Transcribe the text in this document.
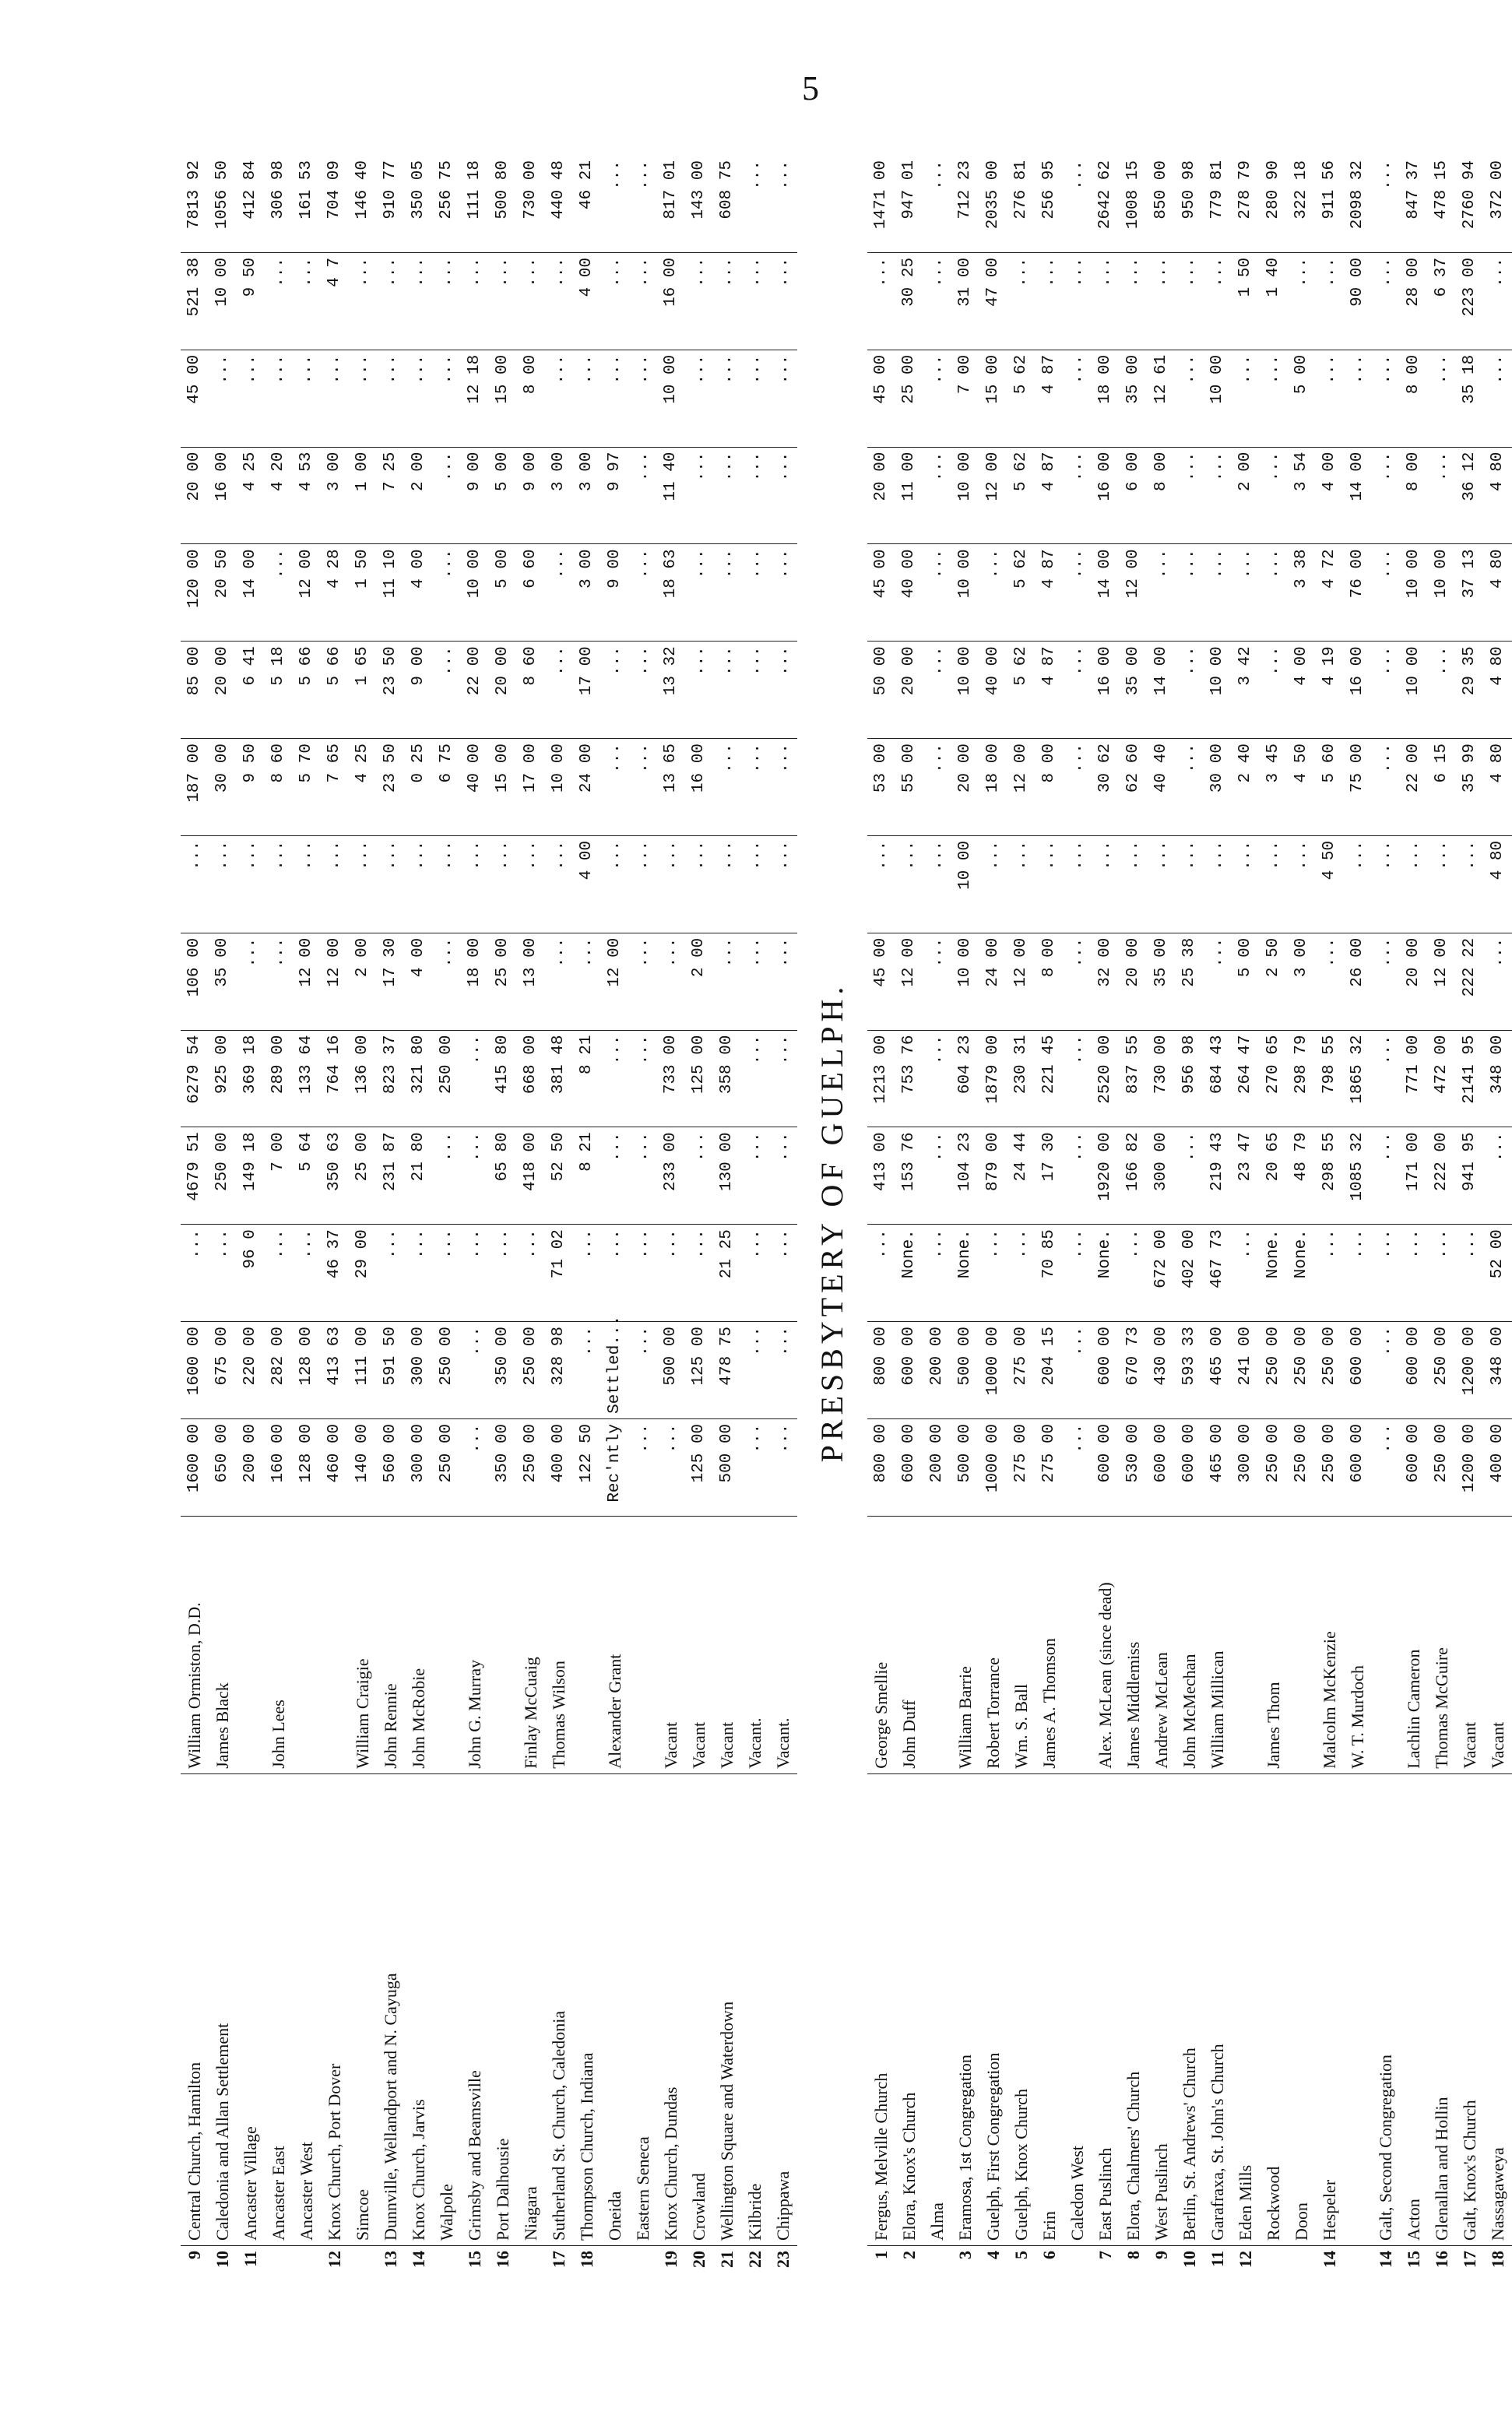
5
9	Central Church, Hamilton	William Ormiston, D.D.	1600 00	1600 00	...	4679 51	6279 54	106 00	...	187 00	85 00	120 00	20 00	45 00	521 38	7813 92
10	Caledonia and Allan Settlement	James Black	650 00	675 00	...	250 00	925 00	35 00	...	30 00	20 00	20 50	16 00	...	10 00	1056 50
11	Ancaster Village		200 00	220 00	96 0	149 18	369 18	...	...	9 50	6 41	14 00	4 25	...	9 50	412 84
	Ancaster East	John Lees	160 00	282 00	...	7 00	289 00	...	...	8 60	5 18	...	4 20	...	...	306 98
	Ancaster West		128 00	128 00	...	5 64	133 64	12 00	...	5 70	5 66	12 00	4 53	...	...	161 53
12	Knox Church, Port Dover		460 00	413 63	46 37	350 63	764 16	12 00	...	7 65	5 66	4 28	3 00	...	4 7	704 09
	Simcoe	William Craigie	140 00	111 00	29 00	25 00	136 00	2 00	...	4 25	1 65	1 50	1 00	...	...	146 40
13	Dunnville, Wellandport and N. Cayuga	John Rennie	560 00	591 50	...	231 87	823 37	17 30	...	23 50	23 50	11 10	7 25	...	...	910 77
14	Knox Church, Jarvis	John McRobie	300 00	300 00	...	21 80	321 80	4 00	...	0 25	9 00	4 00	2 00	...	...	350 05
	Walpole		250 00	250 00	...	...	250 00	...	...	6 75	...	...	...	...	...	256 75
15	Grimsby and Beamsville	John G. Murray	...	...	...	...	...	18 00	...	40 00	22 00	10 00	9 00	12 18	...	111 18
16	Port Dalhousie		350 00	350 00	...	65 80	415 80	25 00	...	15 00	20 00	5 00	5 00	15 00	...	500 80
	Niagara	Finlay McCuaig	250 00	250 00	...	418 00	668 00	13 00	...	17 00	8 60	6 60	9 00	8 00	...	730 00
17	Sutherland St. Church, Caledonia	Thomas Wilson	400 00	328 98	71 02	52 50	381 48	...	...	10 00	...	...	3 00	...	...	440 48
18	Thompson Church, Indiana		122 50	...	...	8 21	8 21	...	4 00	24 00	17 00	3 00	3 00	...	4 00	46 21
	Oneida	Alexander Grant	Rec'ntly	Settled...	...	...	...	12 00	...	...	...	9 00	9 97	...	...	...
	Eastern Seneca		...	...	...	...	...	...	...	...	...	...	...	...	...	...
19	Knox Church, Dundas	Vacant	...	500 00	...	233 00	733 00	...	...	13 65	13 32	18 63	11 40	10 00	16 00	817 01
20	Crowland	Vacant	125 00	125 00	...	...	125 00	2 00	...	16 00	...	...	...	...	...	143 00
21	Wellington Square and Waterdown	Vacant	500 00	478 75	21 25	130 00	358 00	...	...	...	...	...	...	...	...	608 75
22	Kilbride	Vacant.	...	...	...	...	...	...	...	...	...	...	...	...	...	...
23	Chippawa	Vacant.	...	...	...	...	...	...	...	...	...	...	...	...	...	...
PRESBYTERY OF GUELPH.																
1	Fergus, Melville Church	George Smellie	800 00	800 00	...	413 00	1213 00	45 00	...	53 00	50 00	45 00	20 00	45 00	...	1471 00
2	Elora, Knox's Church	John Duff	600 00	600 00	None.	153 76	753 76	12 00	...	55 00	20 00	40 00	11 00	25 00	30 25	947 01
	Alma		200 00	200 00	...	...	...	...	...	...	...	...	...	...	...	...
3	Eramosa, 1st Congregation	William Barrie	500 00	500 00	None.	104 23	604 23	10 00	10 00	20 00	10 00	10 00	10 00	7 00	31 00	712 23
4	Guelph, First Congregation	Robert Torrance	1000 00	1000 00	...	879 00	1879 00	24 00	...	18 00	40 00	...	12 00	15 00	47 00	2035 00
5	Guelph, Knox Church	Wm. S. Ball	275 00	275 00	...	24 44	230 31	12 00	...	12 00	5 62	5 62	5 62	5 62	...	276 81
6	Erin	James A. Thomson	275 00	204 15	70 85	17 30	221 45	8 00	...	8 00	4 87	4 87	4 87	4 87	...	256 95
	Caledon West		...	...	...	...	...	...	...	...	...	...	...	...	...	...
7	East Puslinch	Alex. McLean (since dead)	600 00	600 00	None.	1920 00	2520 00	32 00	...	30 62	16 00	14 00	16 00	18 00	...	2642 62
8	Elora, Chalmers' Church	James Middlemiss	530 00	670 73	...	166 82	837 55	20 00	...	62 60	35 00	12 00	6 00	35 00	...	1008 15
9	West Puslinch	Andrew McLean	600 00	430 00	672 00	300 00	730 00	35 00	...	40 40	14 00	...	8 00	12 61	...	850 00
10	Berlin, St. Andrews' Church	John McMechan	600 00	593 33	402 00	...	956 98	25 38	...	...	...	...	...	...	...	950 98
11	Garafraxa, St. John's Church	William Millican	465 00	465 00	467 73	219 43	684 43	...	...	30 00	10 00	...	...	10 00	...	779 81
12	Eden Mills		300 00	241 00	...	23 47	264 47	5 00	...	2 40	3 42	...	2 00	...	1 50	278 79
	Rockwood	James Thom	250 00	250 00	None.	20 65	270 65	2 50	...	3 45	...	...	...	...	1 40	280 90
	Doon		250 00	250 00	None.	48 79	298 79	3 00	...	4 50	4 00	3 38	3 54	5 00	...	322 18
14	Hespeler	Malcolm McKenzie	250 00	250 00	...	298 55	798 55	...	4 50	5 60	4 19	4 72	4 00	...	...	911 56
		W. T. Murdoch	600 00	600 00	...	1085 32	1865 32	26 00	...	75 00	16 00	76 00	14 00	...	90 00	2098 32
14	Galt, Second Congregation		...	...	...	...	...	...	...	...	...	...	...	...	...	...
15	Acton	Lachlin Cameron	600 00	600 00	...	171 00	771 00	20 00	...	22 00	10 00	10 00	8 00	8 00	28 00	847 37
16	Glenallan and Hollin	Thomas McGuire	250 00	250 00	...	222 00	472 00	12 00	...	6 15	...	10 00	...	...	6 37	478 15
17	Galt, Knox's Church	Vacant	1200 00	1200 00	...	941 95	2141 95	222 22	...	35 99	29 35	37 13	36 12	35 18	223 00	2760 94
18	Nassagaweya	Vacant	400 00	348 00	52 00	...	348 00	...	4 80	4 80	4 80	4 80	4 80	...	...	372 00
